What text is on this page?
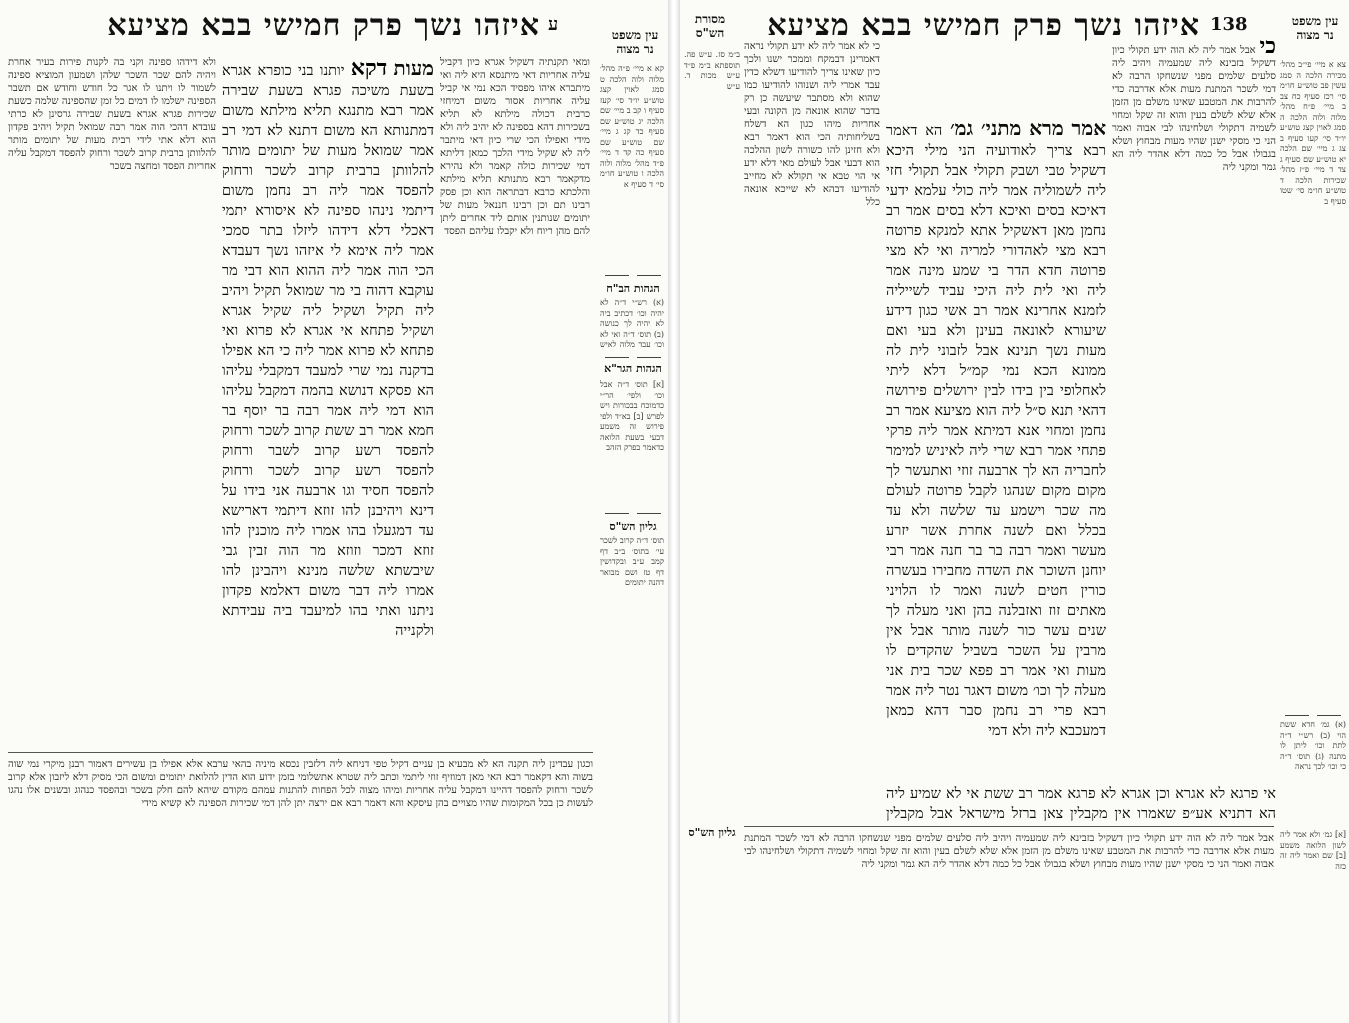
עין משפט
נר מצוה
ע
איזהו נשך פרק חמישי בבא מציעא
קא א מיי׳ פ״ה מהל׳ מלוה ולוה הלכה ט סמג לאוין קצג טוש״ע יו״ד סי׳ קעז סעיף ו קב ב מיי׳ שם הלכה יג טוש״ע שם סעיף כד קג ג מיי׳ שם טוש״ע שם סעיף כה קד ד מיי׳ פ״ד מהל׳ מלוה ולוה הלכה ו טוש״ע חו״מ סי׳ ד סעיף א
הגהות הב"ח
(א) רש״י ד״ה לא יהיה וכו׳ דכתיב ביה לא יהיה לך כנושה (ב) תוס׳ ד״ה ואי לא וכו׳ עבד מלוה לאיש
הגהות הגר"א
[א] תוס׳ ד״ה אבל וכו׳ ולפי׳ הר״י כדמוכח בבכורות ויש לפרש [ב] בא״ד ולפי פירוש זה משמע דבעי בשעת הלואה כדאמר בפרק הזהב
גליון הש"ס
תוס׳ ד״ה קרוב לשכר עי׳ בתוס׳ ב״ב דף קמב ע״ב ובקדושין דף טז ושם מבואר דהנה יתומים
ומאי תקנתיה דשקיל אגרא כיון דקביל עליה אחריות דאי מיתנסא היא ליה ואי מיתברא איהו מפסיד הכא נמי אי קביל עליה אחריות אסור משום דמיחזי כרבית דכולה מילתא לא תליא בשכירות דהא בספינה לא יהיב ליה ולא מידי ואפילו הכי שרי כיון דאי מיתבר ליה לא שקיל מידי הלכך כמאן דליתא דמי שכירות כולה קאמר ולא נהירא מדקאמר רבא מתנותא תליא מילתא והלכתא כרבא דבתראה הוא וכן פסק רבינו תם וכן רבינו חננאל מעות של יתומים שנותנין אותם ליד אחרים ליתן להם מהן ריוח ולא יקבלו עליהם הפסד
מעות דקא יותנו בני כופרא אגרא בשעת משיכה פגרא בשעת שבירה אמר רבא מתנגא תליא מילתא משום דמתנותא הא משום דתנא לא דמי רב אמר שמואל מעות של יתומים מותר להלוותן ברבית קרוב לשכר ורחוק להפסד אמר ליה רב נחמן משום דיתמי נינהו ספינה לא איסורא יתמי דאכלי דלא דידהו ליזלו בתר סמכי אמר ליה אימא לי איזהו נשך דעבדא הכי הוה אמר ליה ההוא הוא דבי מר עוקבא דהוה בי מר שמואל תקיל ויהיב ליה תקיל ושקיל ליה שקיל אגרא ושקיל פתחא אי אגרא לא פרוא ואי פתחא לא פרוא אמר ליה כי הא אפילו בדקנה נמי שרי למעבד דמקבלי עליהו הא פסקא דנושא בהמה דמקבל עליהו הוא דמי ליה אמר רבה בר יוסף בר חמא אמר רב ששת קרוב לשכר ורחוק להפסד רשע קרוב לשבר ורחוק להפסד רשע קרוב לשכר ורחוק להפסד חסיד וגו ארבעה אני בידו על דינא ויהיבנן להו זוזא דיתמי דארישא עד דמגעלו בהו אמרו ליה מוכנין להו זוזא דמכר וזוזא מר הוה זבין גבי שיבשתא שלשה מנינא ויהבינן להו אמרו ליה דבר משום דאלמא פקדון ניתנו ואתי בהו למיעבד ביה עבידתא ולקנייה
ולא דידהו ספינה וקני בה לקנות פירות בעיר אחרת ויהיה להם שכר השכר שלהן ושמעון המוציא ספינה לשמור לו ויתנו לו אגר כל חודש וחודש אם תשבר הספינה ישלמו לו דמים כל זמן שהספינה שלמה כשעת שכירות פגרא אגרא בשעת שבירה גרסינן לא כרתי עובדא דהכי הוה אמר רבה שמואל תקיל ויהיב פקדון הוא דלא אתי לידי רבית מעות של יתומים מותר להלוותן ברבית קרוב לשכר ורחוק להפסד דמקבל עליה אחריות הפסד ומחצה בשכר
וכגון עבדינן ליה תקנה הא לא מבעיא בן עניים דקיל טפי דניחא ליה דלזבין נכסא מיניה בהאי ערבא אלא אפילו בן עשירים דאמור רבנן מיקרי נמי שוה בשוה והא דקאמר רבא האי מאן דמוזיף זוזי ליתמי וכתב ליה שטרא אתשלומי בזמן ידוע הוא הדין להלואת יתומים ומשום הכי מסיק דלא ליזבון אלא קרוב לשכר ורחוק להפסד דהיינו דמקבל עליה אחריות ומיהו מצוה לכל הפחות להתנות עמהם מקודם שיהא להם חלק בשכר ובהפסד כנהוג ובשנים אלו נהגו לעשות כן בכל המקומות שהיו מצויים בהן עיסקא והא דאמר רבא אם ירצה יתן להן דמי שכירות הספינה לא קשיא מידי
עין משפט
נר מצוה
מסורת
הש"ס	138
איזהו נשך פרק חמישי בבא מציעא
צא א מיי׳ פי״ב מהל׳ מכירה הלכה ה סמג עשין פב טוש״ע חו״מ סי׳ רכז סעיף כח צב ב מיי׳ פ״ח מהל׳ מלוה ולוה הלכה ה סמג לאוין קצג טוש״ע יו״ד סי׳ קעו סעיף ב צג ג מיי׳ שם הלכה יא טוש״ע שם סעיף ג צד ד מיי׳ פ״ז מהל׳ שכירות הלכה ד טוש״ע חו״מ סי׳ שטו סעיף ב
(א) גמ׳ חדא ששת הוי (ב) רש״י ד״ה לתת וכו׳ ליתן לו מתנה (ג) תוס׳ ד״ה כי וכו׳ לכך נראה
[א] גמ׳ ולא אמר ליה לשון הלואה משמע [ב] שם ואמר ליה זה כזה
כי אבל אמר ליה לא הוה ידע תקולי כיון דשקיל בזבינא ליה שמעמיה ויהיב ליה סלעים שלמים מפני שנשחקו הרבה לא דמי לשכר המתנת מעות אלא אדרבה כדי להרבות את המטבע שאינו משלם מן הזמן אלא שלא לשלם בעין והוא זה שקל ומחוי לשמיה דתקולי ושלחינהו לבי אבוה ואמר הני כי מסקי ישנן שהיו מעות מבחוץ ושלא בגבולו אבל כל כמה דלא אהדר ליה הא גמר ומקני ליה
אמר מרא מתני׳ גמ׳ הא דאמר רבא צריך לאודועיה הני מילי היכא דשקיל טבי ושבק תקולי אבל תקולי חזי ליה לשמוליה אמר ליה כולי עלמא ידעי דאיכא בסים ואיכא דלא בסים אמר רב נחמן מאן דאשקיל אתא למנקא פרוטה רבא מצי לאהדורי למריה ואי לא מצי פרוטה חדא הדר בי שמע מינה אמר ליה ואי לית ליה היכי עביד לשייליה לזמנא אחרינא אמר רב אשי כגון דידע שיעורא לאונאה בעינן ולא בעי ואם מעות נשך תנינא אבל לזבוני לית לה ממונא הכא נמי קמ״ל דלא ליתי לאחלופי בין בידו לבין ירושלים פירושה דהאי תנא ס״ל ליה הוא מציעא אמר רב נחמן ומחוי אנא דמיתא אמר ליה פרקי פתחי אמר רבא שרי ליה לאיניש למימר לחבריה הא לך ארבעה זוזי ואתעשר לך מקום מקום שנהגו לקבל פרוטה לעולם מה שכר וישמע עד שלשה ולא עד בכלל ואם לשנה אחרת אשר יזרע מעשר ואמר רבה בר בר חנה אמר רבי יוחנן השוכר את השדה מחבירו בעשרה כורין חטים לשנה ואמר לו הלויני מאתים זוז ואזבלנה בהן ואני מעלה לך שנים עשר כור לשנה מותר אבל אין מרבין על השכר בשביל שהקדים לו מעות ואי אמר רב פפא שכר בית אני מעלה לך וכו׳ משום דאגר נטר ליה אמר רבא פרי רב נחמן סבר דהא כמאן דמעכבא ליה ולא דמי
כי לא אמר ליה לא ידע תקולי נראה דאמרינן דבמקח וממכר ישנו ולכך כיון שאינו צריך להודיעו דשלא כדין עבד אמרי ליה ושנוהו להודיעו כמו שהוא ולא מסתבר שיעשה כן רק בדבר שהוא אונאה מן הקונה ובעי אחריות מיהו כגון הא דשלח בשליחותיה הכי הוא דאמר רבא ולא חזינן להו כשורה לשון ההלכה הוא דבעי אבל לעולם מאי דלא ידע אי הוי טבא אי תקולא לא מחייב להודיעו דבהא לא שייכא אונאה כלל
ב״מ סז. ע״ש פה. תוספתא ב״מ פ״ד ע״ש מכות ד. ע״ש
גליון הש"ס
אי פרגא לא אגרא וכן אגרא לא פרגא אמר רב ששת אי לא שמיע ליה הא דתניא אע״פ שאמרו אין מקבלין צאן ברזל מישראל אבל מקבלין
אבל אמר ליה לא הוה ידע תקולי כיון דשקיל בזבינא ליה שמעמיה ויהיב ליה סלעים שלמים מפני שנשחקו הרבה לא דמי לשכר המתנת מעות אלא אדרבה כדי להרבות את המטבע שאינו משלם מן הזמן אלא שלא לשלם בעין והוא זה שקל ומחוי לשמיה דתקולי ושלחינהו לבי אבוה ואמר הני כי מסקי ישנן שהיו מעות מבחוץ ושלא בגבולו אבל כל כמה דלא אהדר ליה הא גמר ומקני ליה
